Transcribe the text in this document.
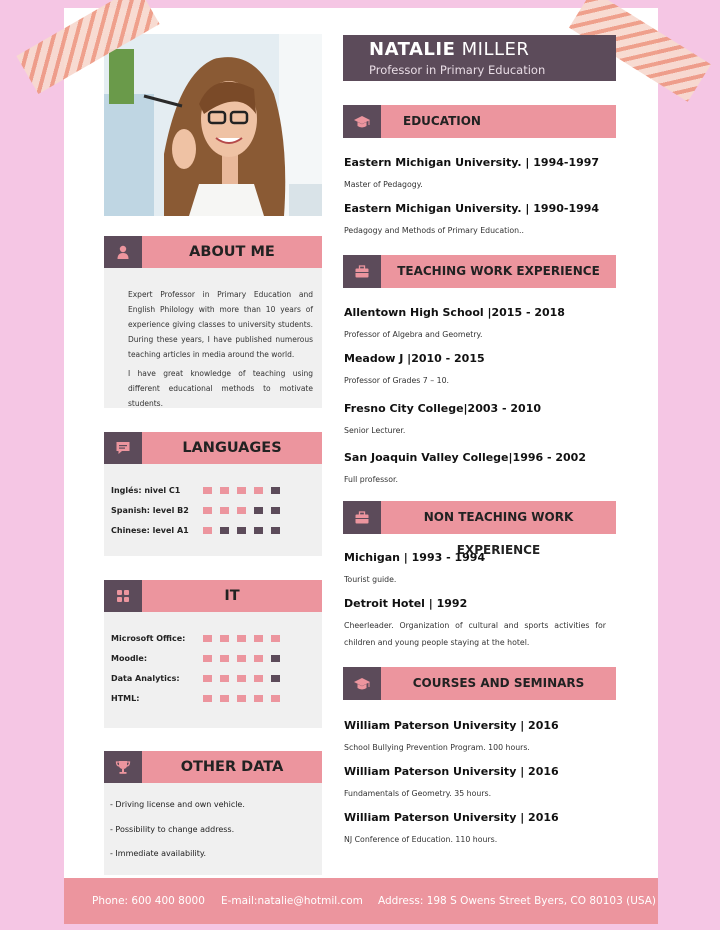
NATALIE MILLER
Professor in Primary Education
ABOUT ME

Expert Professor in Primary Education and English Philology with more than 10 years of experience giving classes to university students. During these years, I have published numerous teaching articles in media around the world.

I have great knowledge of teaching using different educational methods to motivate students.

LANGUAGES
Inglés: nivel C1
Spanish: level B2
Chinese: level A1
IT
Microsoft Office:
Moodle:
Data Analytics:
HTML:
OTHER DATA
- Driving license and own vehicle.
- Possibility to change address.
- Immediate availability.
EDUCATION
Eastern Michigan University. | 1994-1997
Master of Pedagogy.
Eastern Michigan University. | 1990-1994
Pedagogy and Methods of Primary Education..
TEACHING WORK EXPERIENCE
Allentown High School |2015 - 2018
Professor of Algebra and Geometry.
Meadow J |2010 - 2015
Professor of Grades 7 – 10.
Fresno City College|2003 - 2010
Senior Lecturer.
San Joaquin Valley College|1996 - 2002
Full professor.
NON TEACHING WORK EXPERIENCE
Michigan | 1993 - 1994
Tourist guide.
Detroit Hotel | 1992
Cheerleader. Organization of cultural and sports activities for children and young people staying at the hotel.
COURSES AND SEMINARS
William Paterson University | 2016
School Bullying Prevention Program. 100 hours.
William Paterson University | 2016
Fundamentals of Geometry. 35 hours.
William Paterson University | 2016
NJ Conference of Education. 110 hours.
Phone: 600 400 8000 E-mail:natalie@hotmil.com Address: 198 S Owens Street Byers, CO 80103 (USA)
